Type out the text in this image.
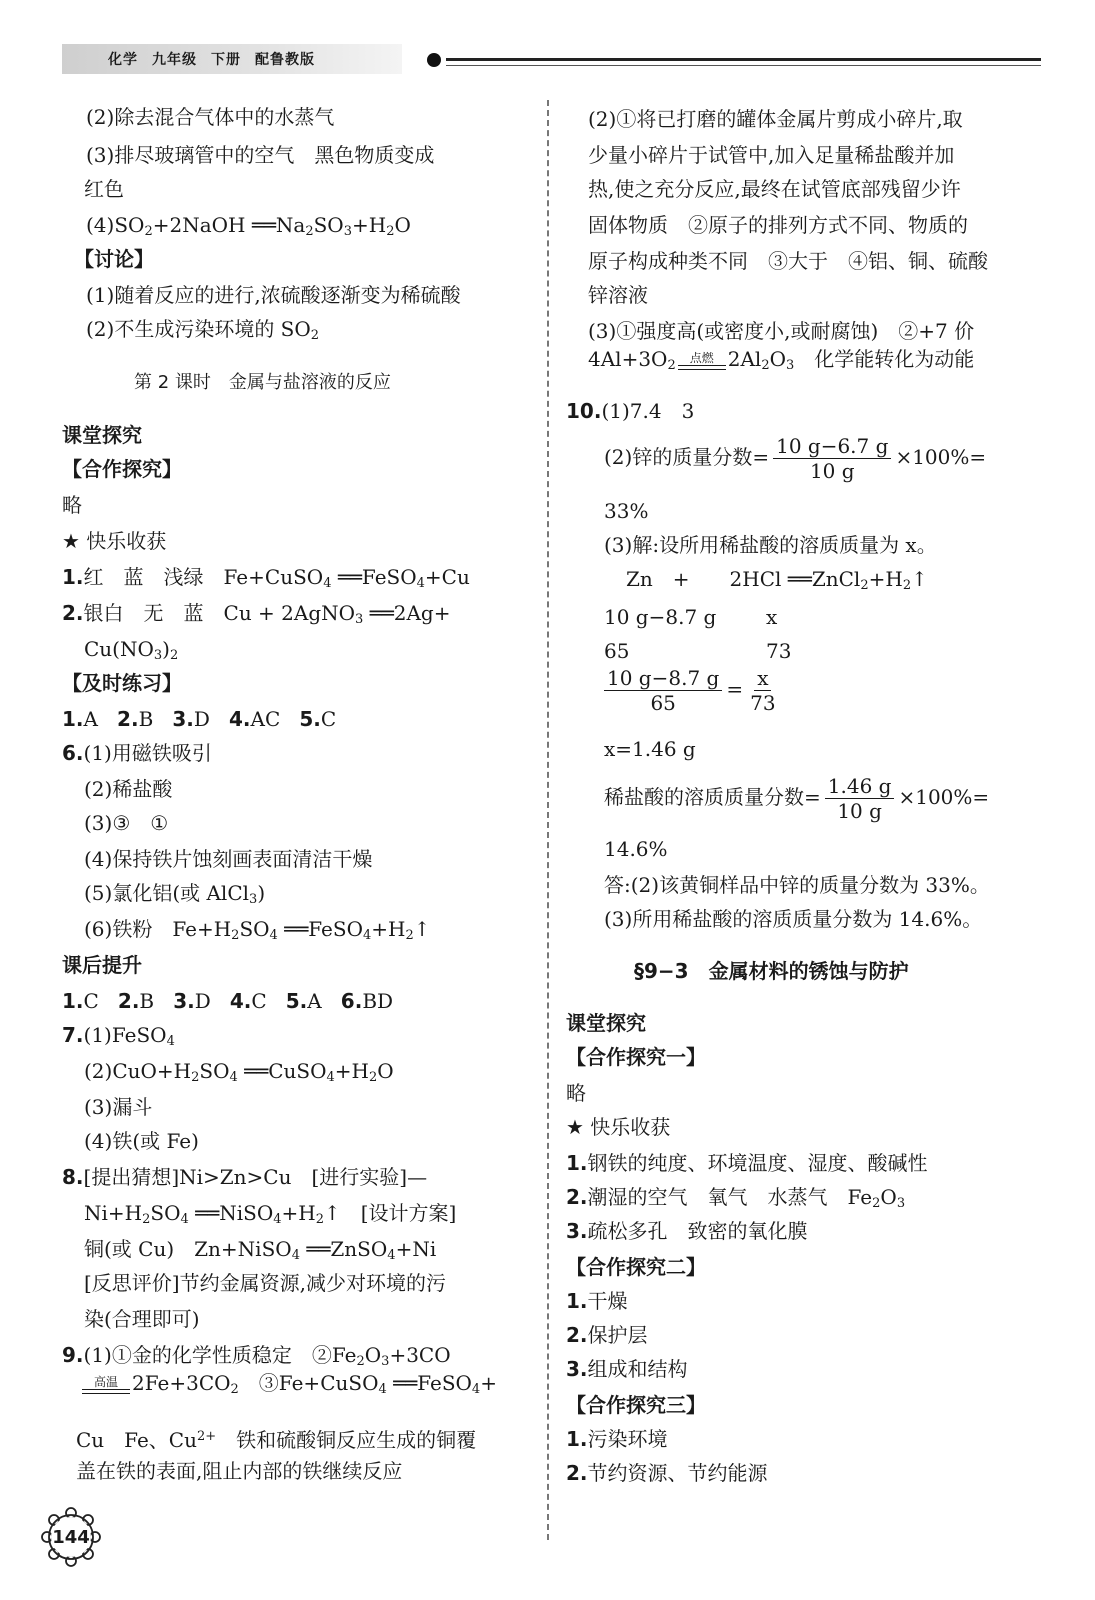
化学 九年级 下册 配鲁教版
(2)除去混合气体中的水蒸气
(3)排尽玻璃管中的空气　黑色物质变成
红色
$(4)SO_2+2NaOH$ $══Na_2SO_3+H_2O$
【讨论】
(1)随着反应的进行,浓硫酸逐渐变为稀硫酸
(2)不生成污染环境的 $SO_2$
第 2 课时　金属与盐溶液的反应
课堂探究
【合作探究】
略
★ 快乐收获
1.红　蓝　浅绿　Fe+CuSO$_4$ ══FeSO$_4$+Cu
2.银白　无　蓝　Cu + 2AgNO$_3$ ══2Ag+
$Cu(NO_3)_2$
【及时练习】
1.A 2.B 3.D 4.AC 5.C
6.(1)用磁铁吸引
(2)稀盐酸
(3)③　①
(4)保持铁片蚀刻画表面清洁干燥
(5)氯化铝(或 AlCl$_3$)
(6)铁粉　$Fe+H_2SO_4$ $══FeSO_4+H_2↑$
课后提升
1.C 2.B 3.D 4.C 5.A 6.BD
7.(1)FeSO$_4$
$(2)CuO+H_2SO_4$ $══CuSO_4+H_2O$
(3)漏斗
(4)铁(或 Fe)
8.[提出猜想]Ni>Zn>Cu　[进行实验]—
$Ni+H_2SO_4$ $══NiSO_4+H_2↑$　[设计方案]
铜(或 Cu)　Zn+NiSO$_4$ ══ZnSO$_4$+Ni
[反思评价]节约金属资源,减少对环境的污
染(合理即可)
9.(1)①金的化学性质稳定　$②Fe_2O_3+3CO$
高温 $2Fe+3CO_2$　③Fe+CuSO$_4$ ══FeSO$_4$+
Cu　Fe、$Cu^{2+}$　铁和硫酸铜反应生成的铜覆
盖在铁的表面,阻止内部的铁继续反应
(2)①将已打磨的罐体金属片剪成小碎片,取
少量小碎片于试管中,加入足量稀盐酸并加
热,使之充分反应,最终在试管底部残留少许
固体物质　②原子的排列方式不同、物质的
原子构成种类不同　③大于　④铝、铜、硫酸
锌溶液
(3)①强度高(或密度小,或耐腐蚀)　②+7 价
$4Al+3O_2$ 点燃 $2Al_2O_3$　化学能转化为动能
10.(1)7.4　3
(2)锌的质量分数= $\frac{10 g-6.7 g}{10 g} \times 100\%=$
33%
(3)解:设所用稀盐酸的溶质质量为 x。
Zn　+　　2HCl $══ZnCl_2+H_2↑$
10 g−8.7 g x
65	73
$\frac{10 g-8.7 g}{65} = \frac{x}{73}$
x=1.46 g
稀盐酸的溶质质量分数= $\frac{1.46 g}{10 g} \times 100\%=$
14.6%
答:(2)该黄铜样品中锌的质量分数为 33%。
(3)所用稀盐酸的溶质质量分数为 14.6%。
§9−3　金属材料的锈蚀与防护
课堂探究
【合作探究一】
略
★ 快乐收获
1.钢铁的纯度、环境温度、湿度、酸碱性
2.潮湿的空气　氧气　水蒸气　$Fe_2O_3$
3.疏松多孔　致密的氧化膜
【合作探究二】
1.干燥
2.保护层
3.组成和结构
【合作探究三】
1.污染环境
2.节约资源、节约能源
144
